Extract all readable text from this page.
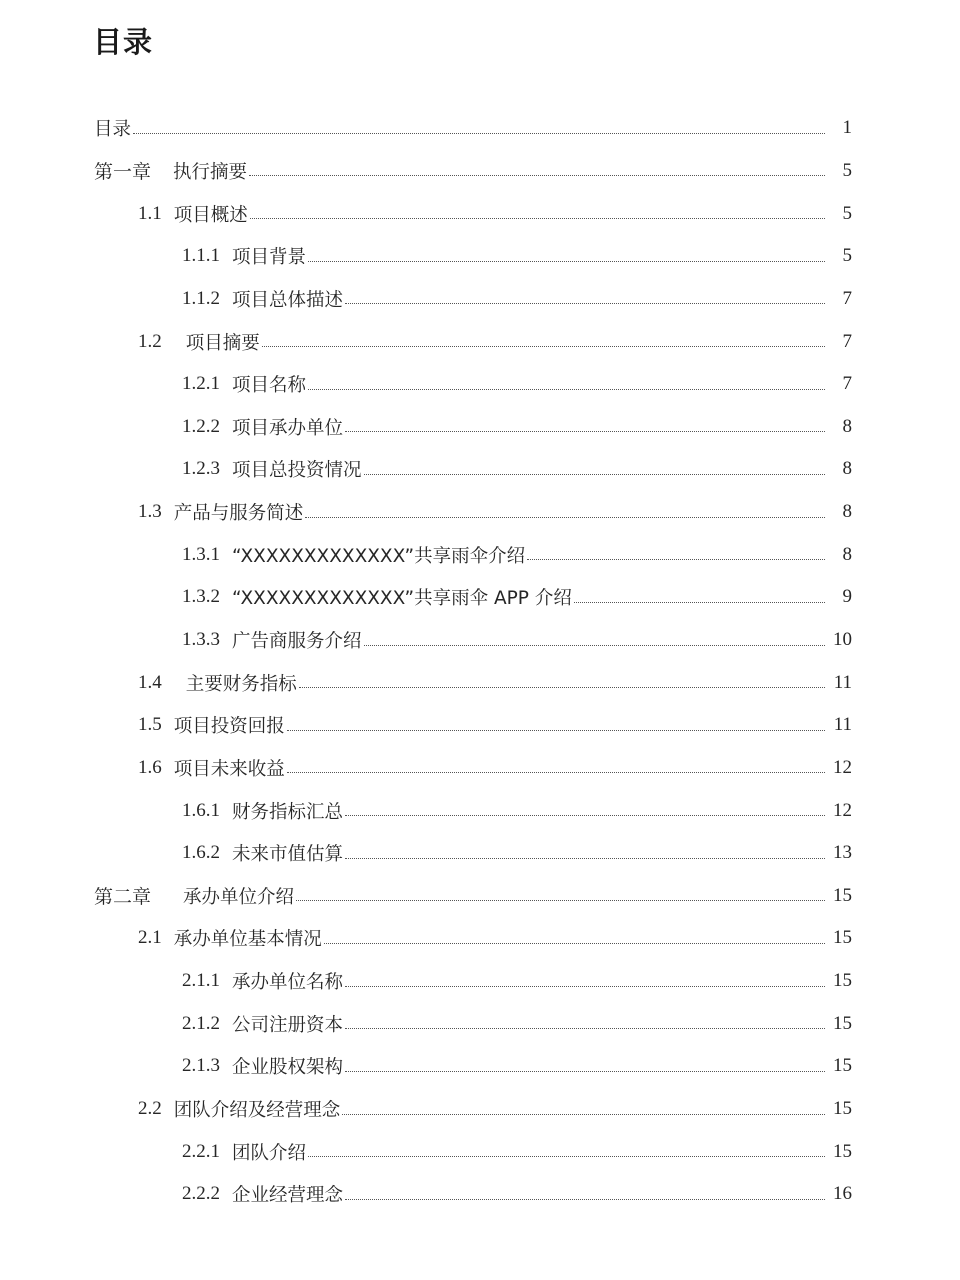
目录
目录	1
第一章 执行摘要	5
1.1 项目概述	5
1.1.1 项目背景	5
1.1.2 项目总体描述	7
1.2 项目摘要	7
1.2.1 项目名称	7
1.2.2 项目承办单位	8
1.2.3 项目总投资情况	8
1.3 产品与服务简述	8
1.3.1 “XXXXXXXXXXXXX”共享雨伞介绍	8
1.3.2 “XXXXXXXXXXXXX”共享雨伞 APP 介绍	9
1.3.3 广告商服务介绍	10
1.4 主要财务指标	11
1.5 项目投资回报	11
1.6 项目未来收益	12
1.6.1 财务指标汇总	12
1.6.2 未来市值估算	13
第二章 承办单位介绍	15
2.1 承办单位基本情况	15
2.1.1 承办单位名称	15
2.1.2 公司注册资本	15
2.1.3 企业股权架构	15
2.2 团队介绍及经营理念	15
2.2.1 团队介绍	15
2.2.2 企业经营理念	16
